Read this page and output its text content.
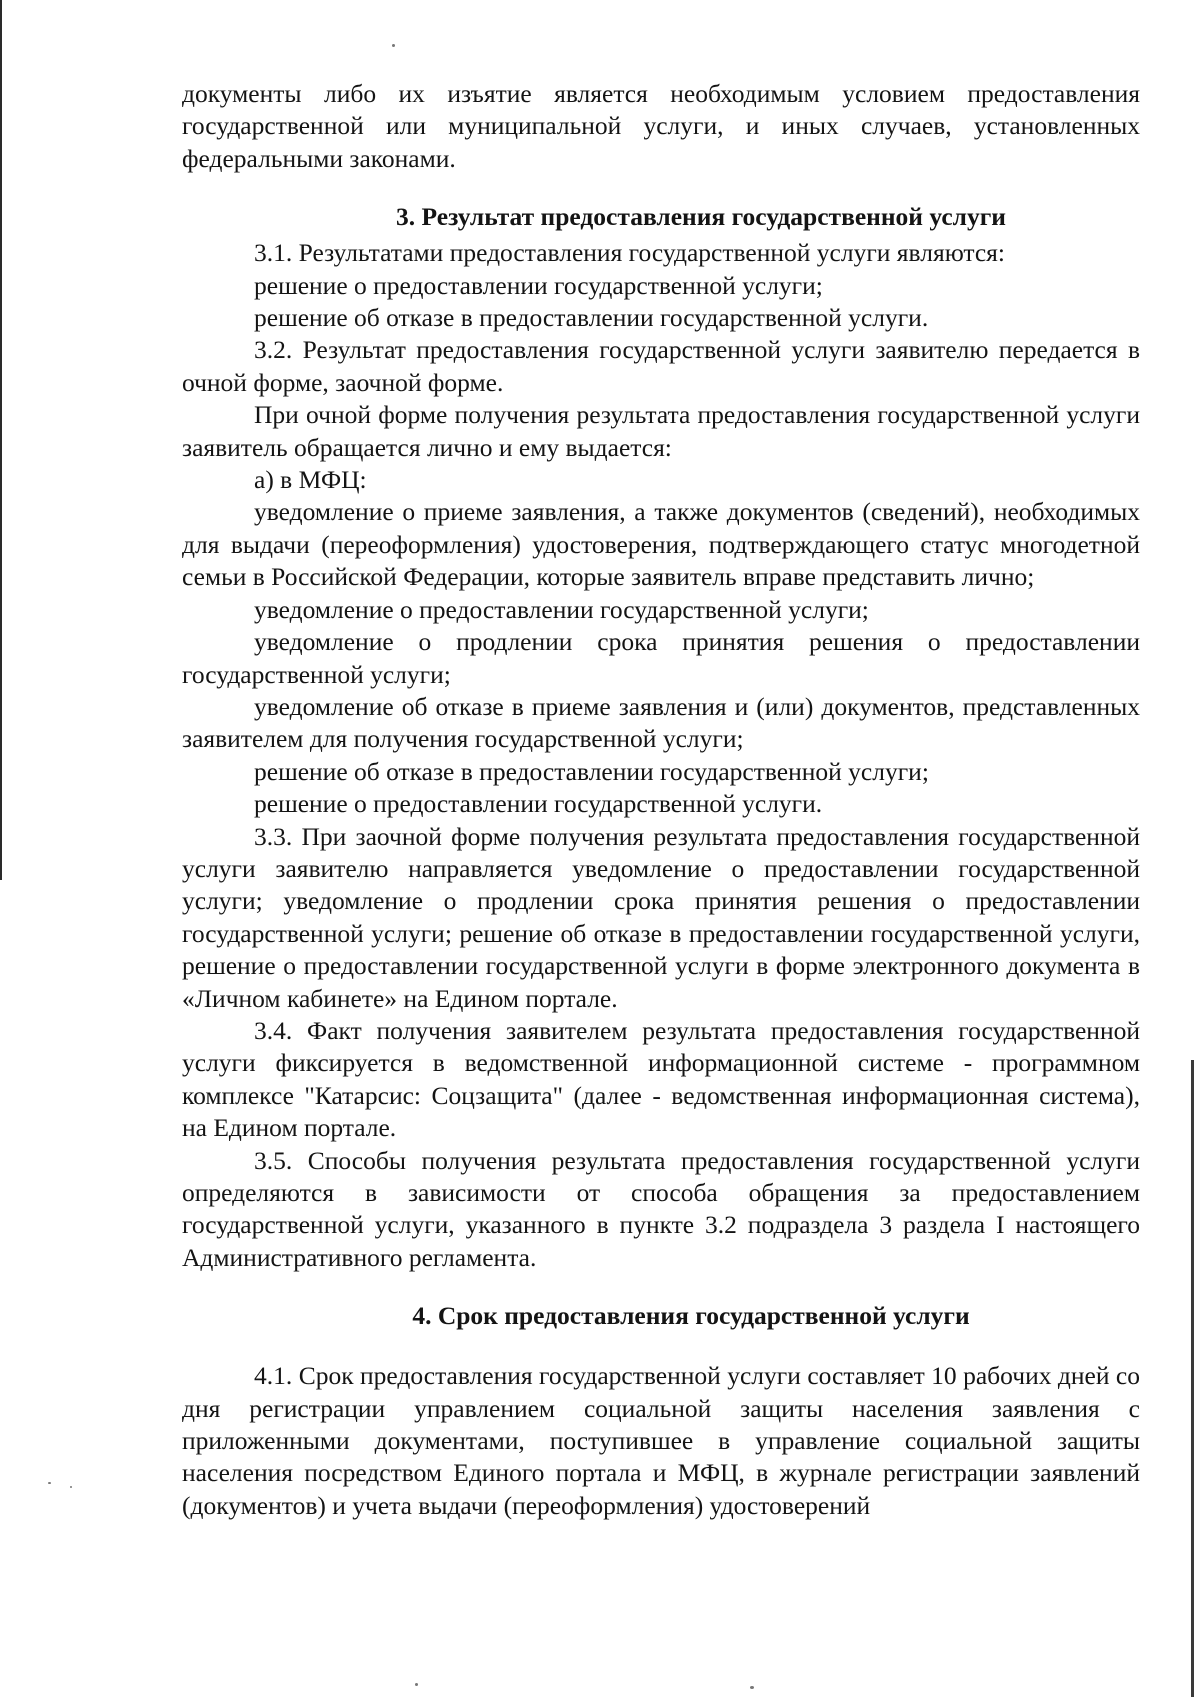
документы либо их изъятие является необходимым условием предоставления государственной или муниципальной услуги, и иных случаев, установленных федеральными законами.

3. Результат предоставления государственной услуги

3.1. Результатами предоставления государственной услуги являются:

решение о предоставлении государственной услуги;

решение об отказе в предоставлении государственной услуги.

3.2. Результат предоставления государственной услуги заявителю передается в очной форме, заочной форме.

При очной форме получения результата предоставления государственной услуги заявитель обращается лично и ему выдается:

а) в МФЦ:

уведомление о приеме заявления, а также документов (сведений), необходимых для выдачи (переоформления) удостоверения, подтверждающего статус многодетной семьи в Российской Федерации, которые заявитель вправе представить лично;

уведомление о предоставлении государственной услуги;

уведомление о продлении срока принятия решения о предоставлении государственной услуги;

уведомление об отказе в приеме заявления и (или) документов, представленных заявителем для получения государственной услуги;

решение об отказе в предоставлении государственной услуги;

решение о предоставлении государственной услуги.

3.3. При заочной форме получения результата предоставления государственной услуги заявителю направляется уведомление о предоставлении государственной услуги; уведомление о продлении срока принятия решения о предоставлении государственной услуги; решение об отказе в предоставлении государственной услуги, решение о предоставлении государственной услуги в форме электронного документа в «Личном кабинете» на Едином портале.

3.4. Факт получения заявителем результата предоставления государственной услуги фиксируется в ведомственной информационной системе - программном комплексе "Катарсис: Соцзащита" (далее - ведомственная информационная система), на Едином портале.

3.5. Способы получения результата предоставления государственной услуги определяются в зависимости от способа обращения за предоставлением государственной услуги, указанного в пункте 3.2 подраздела 3 раздела I настоящего Административного регламента.

4. Срок предоставления государственной услуги

4.1. Срок предоставления государственной услуги составляет 10 рабочих дней со дня регистрации управлением социальной защиты населения заявления с приложенными документами, поступившее в управление социальной защиты населения посредством Единого портала и МФЦ, в журнале регистрации заявлений (документов) и учета выдачи (переоформления) удостоверений
